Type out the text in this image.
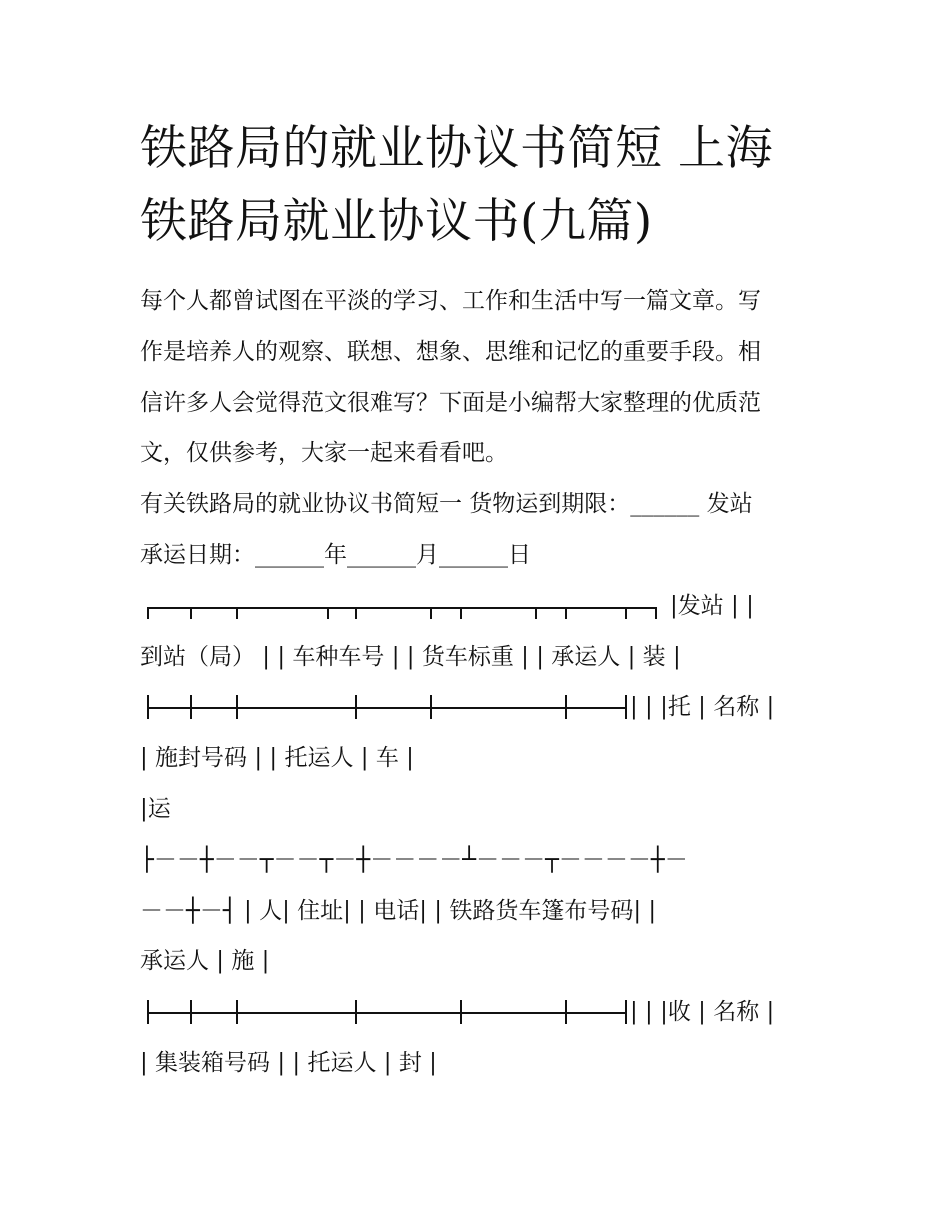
铁路局的就业协议书简短 上海
铁路局就业协议书(九篇)
每个人都曾试图在平淡的学习、工作和生活中写一篇文章。写
作是培养人的观察、联想、想象、思维和记忆的重要手段。相
信许多人会觉得范文很难写？下面是小编帮大家整理的优质范
文，仅供参考，大家一起来看看吧。
有关铁路局的就业协议书简短一 货物运到期限：______ 发站
承运日期：______年______月______日
|发站 | |
到站（局） | | 车种车号 | | 货车标重 | | 承运人 | 装 |
| | |托 | 名称 |
| 施封号码 | | 托运人 | 车 |
|运
├－－┼－－┬－－┬－┼－－－－┴－－－┬－－－－┼－
－－┼－┤ | 人| 住址| | 电话| | 铁路货车篷布号码| |
承运人 | 施 |
| | |收 | 名称 |
| 集装箱号码 | | 托运人 | 封 |
